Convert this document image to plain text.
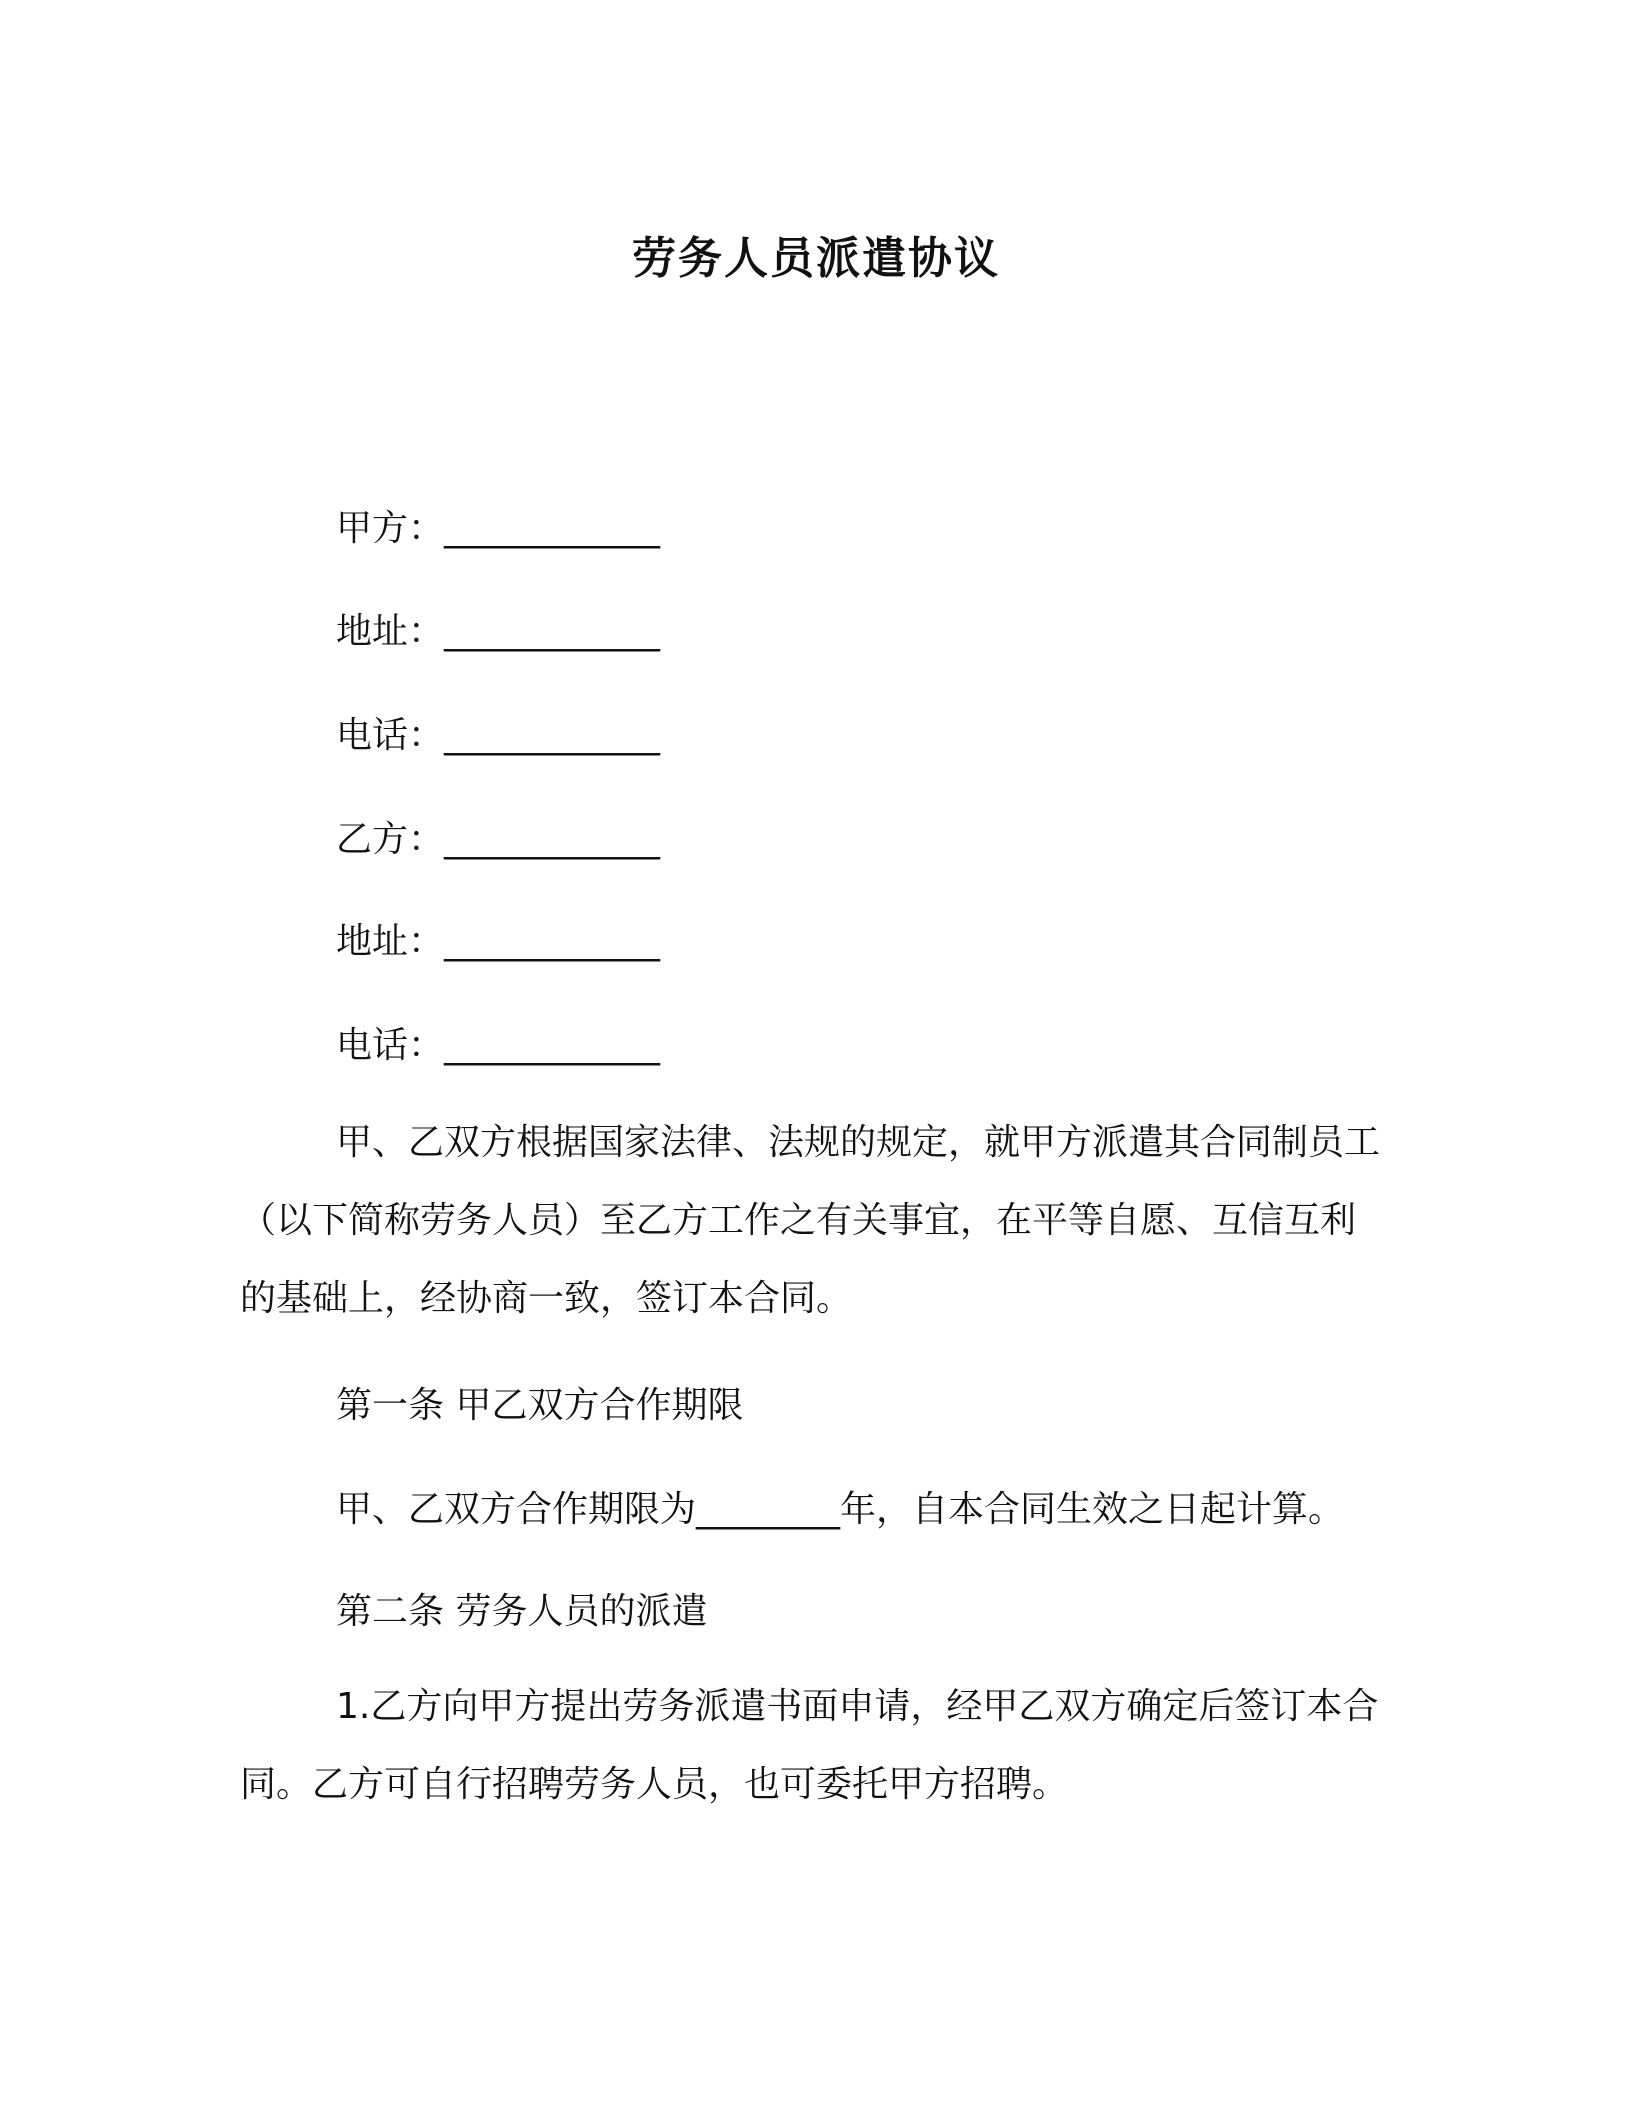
劳务人员派遣协议
甲方：____________
地址：____________
电话：____________
乙方：____________
地址：____________
电话：____________
甲、乙双方根据国家法律、法规的规定，就甲方派遣其合同制员工（以下简称劳务人员）至乙方工作之有关事宜，在平等自愿、互信互利的基础上，经协商一致，签订本合同。
第一条 甲乙双方合作期限
甲、乙双方合作期限为________年，自本合同生效之日起计算。
第二条 劳务人员的派遣
1.乙方向甲方提出劳务派遣书面申请，经甲乙双方确定后签订本合同。乙方可自行招聘劳务人员，也可委托甲方招聘。
